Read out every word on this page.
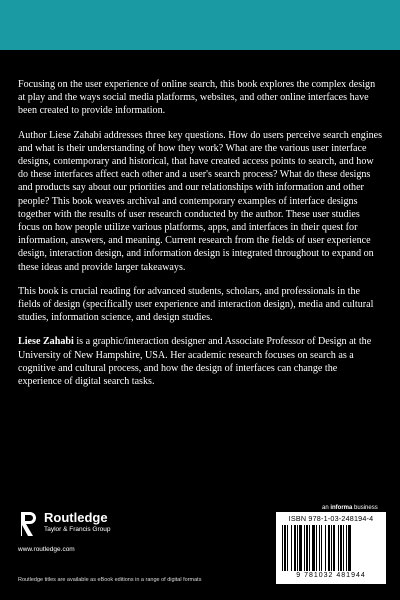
Focusing on the user experience of online search, this book explores the complex design at play and the ways social media platforms, websites, and other online interfaces have been created to provide information.

Author Liese Zahabi addresses three key questions. How do users perceive search engines and what is their understanding of how they work? What are the various user interface designs, contemporary and historical, that have created access points to search, and how do these interfaces affect each other and a user's search process? What do these designs and products say about our priorities and our relationships with information and other people? This book weaves archival and contemporary examples of interface designs together with the results of user research conducted by the author. These user studies focus on how people utilize various platforms, apps, and interfaces in their quest for information, answers, and meaning. Current research from the fields of user experience design, interaction design, and information design is integrated throughout to expand on these ideas and provide larger takeaways.

This book is crucial reading for advanced students, scholars, and professionals in the fields of design (specifically user experience and interaction design), media and cultural studies, information science, and design studies.

Liese Zahabi is a graphic/interaction designer and Associate Professor of Design at the University of New Hampshire, USA. Her academic research focuses on search as a cognitive and cultural process, and how the design of interfaces can change the experience of digital search tasks.

Routledge
Taylor & Francis Group
www.routledge.com
Routledge titles are available as eBook editions in a range of digital formats
an informa business
ISBN 978-1-03-248194-4
9 781032 481944
